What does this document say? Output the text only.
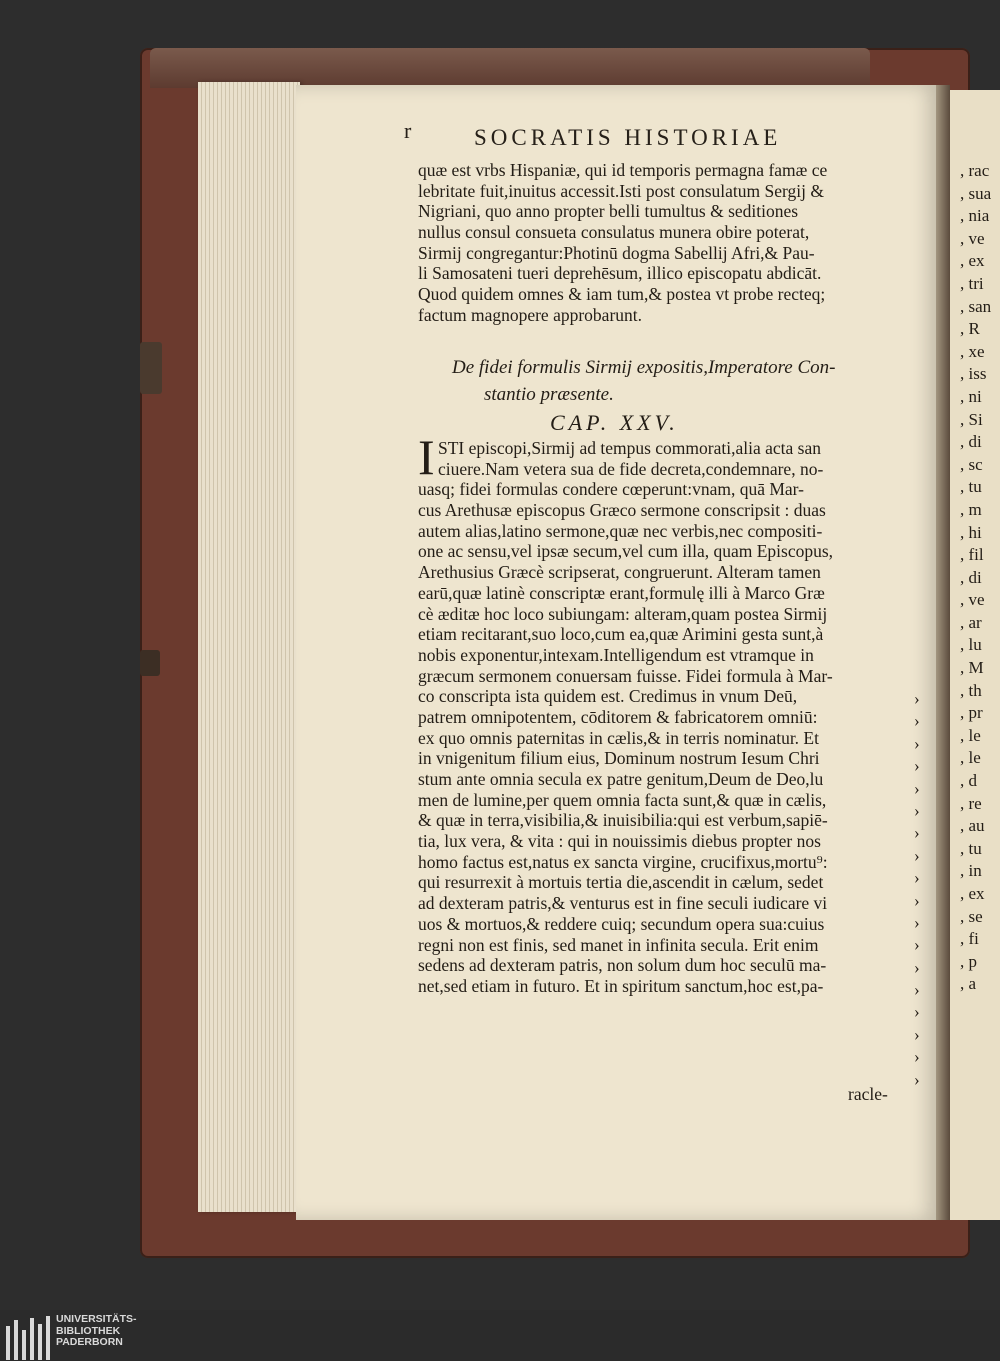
r	SOCRATIS HISTORIAE
quæ est vrbs Hispaniæ, qui id temporis permagna famæ ce
lebritate fuit,inuitus accessit.Isti post consulatum Sergij &
Nigriani, quo anno propter belli tumultus & seditiones
nullus consul consueta consulatus munera obire poterat,
Sirmij congregantur:Photinū dogma Sabellij Afri,& Pau-
li Samosateni tueri deprehēsum, illico episcopatu abdicāt.
Quod quidem omnes & iam tum,& postea vt probe recteq;
factum magnopere approbarunt.
De fidei formulis Sirmij expositis,Imperatore Con-
stantio præsente.
CAP. XXV.
I STI episcopi,Sirmij ad tempus commorati,alia acta san
ciuere.Nam vetera sua de fide decreta,condemnare, no-
uasq; fidei formulas condere cœperunt:vnam, quā Mar-
cus Arethusæ episcopus Græco sermone conscripsit : duas
autem alias,latino sermone,quæ nec verbis,nec compositi-
one ac sensu,vel ipsæ secum,vel cum illa, quam Episcopus,
Arethusius Græcè scripserat, congruerunt. Alteram tamen
earū,quæ latinè conscriptæ erant,formulę illi à Marco Græ
cè æditæ hoc loco subiungam: alteram,quam postea Sirmij
etiam recitarant,suo loco,cum ea,quæ Arimini gesta sunt,à
nobis exponentur,intexam.Intelligendum est vtramque in
græcum sermonem conuersam fuisse. Fidei formula à Mar-
co conscripta ista quidem est. Credimus in vnum Deū,
patrem omnipotentem, cōditorem & fabricatorem omniū:
ex quo omnis paternitas in cælis,& in terris nominatur. Et
in vnigenitum filium eius, Dominum nostrum Iesum Chri
stum ante omnia secula ex patre genitum,Deum de Deo,lu
men de lumine,per quem omnia facta sunt,& quæ in cælis,
& quæ in terra,visibilia,& inuisibilia:qui est verbum,sapiē-
tia, lux vera, & vita : qui in nouissimis diebus propter nos
homo factus est,natus ex sancta virgine, crucifixus,mortu⁹:
qui resurrexit à mortuis tertia die,ascendit in cælum, sedet
ad dexteram patris,& venturus est in fine seculi iudicare vi
uos & mortuos,& reddere cuiq; secundum opera sua:cuius
regni non est finis, sed manet in infinita secula. Erit enim
sedens ad dexteram patris, non solum dum hoc seculū ma-
net,sed etiam in futuro. Et in spiritum sanctum,hoc est,pa-
›
›
›
›
›
›
›
›
›
›
›
›
›
›
›
›
›
›
racle-
, rac
, sua
, nia
, ve
, ex
, tri
, san
, R
, xe
, iss
, ni
, Si
, di
, sc
, tu
, m
, hi
, fil
, di
, ve
, ar
, lu
, M
, th
, pr
, le
, le
, d
, re
, au
, tu
, in
, ex
, se
, fi
, p
, a
UNIVERSITÄTS-
BIBLIOTHEK
PADERBORN
